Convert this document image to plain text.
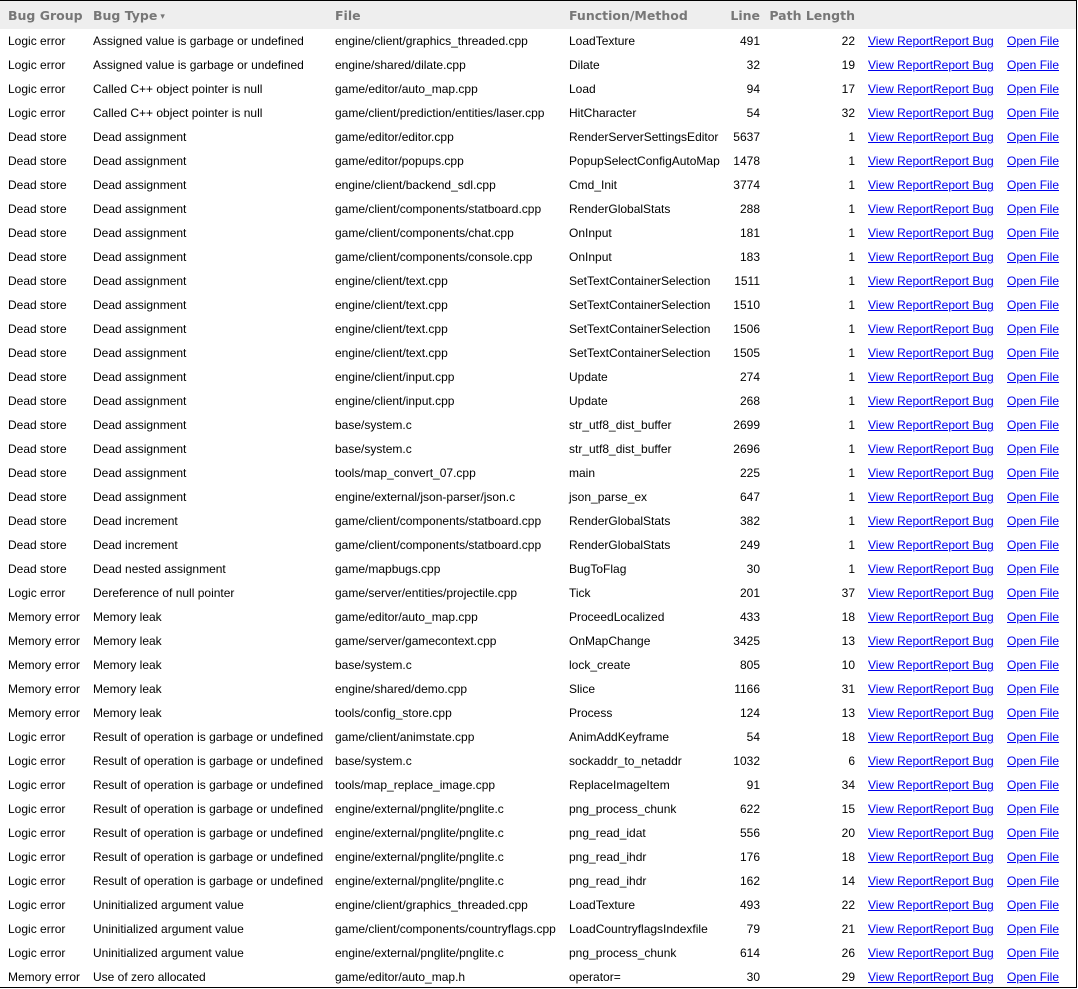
Bug Group	Bug Type ▾	File	Function/Method	Line	Path Length			
Logic error	Assigned value is garbage or undefined	engine/client/graphics_threaded.cpp	LoadTexture	491	22	View Report	Report Bug	Open File
Logic error	Assigned value is garbage or undefined	engine/shared/dilate.cpp	Dilate	32	19	View Report	Report Bug	Open File
Logic error	Called C++ object pointer is null	game/editor/auto_map.cpp	Load	94	17	View Report	Report Bug	Open File
Logic error	Called C++ object pointer is null	game/client/prediction/entities/laser.cpp	HitCharacter	54	32	View Report	Report Bug	Open File
Dead store	Dead assignment	game/editor/editor.cpp	RenderServerSettingsEditor	5637	1	View Report	Report Bug	Open File
Dead store	Dead assignment	game/editor/popups.cpp	PopupSelectConfigAutoMap	1478	1	View Report	Report Bug	Open File
Dead store	Dead assignment	engine/client/backend_sdl.cpp	Cmd_Init	3774	1	View Report	Report Bug	Open File
Dead store	Dead assignment	game/client/components/statboard.cpp	RenderGlobalStats	288	1	View Report	Report Bug	Open File
Dead store	Dead assignment	game/client/components/chat.cpp	OnInput	181	1	View Report	Report Bug	Open File
Dead store	Dead assignment	game/client/components/console.cpp	OnInput	183	1	View Report	Report Bug	Open File
Dead store	Dead assignment	engine/client/text.cpp	SetTextContainerSelection	1511	1	View Report	Report Bug	Open File
Dead store	Dead assignment	engine/client/text.cpp	SetTextContainerSelection	1510	1	View Report	Report Bug	Open File
Dead store	Dead assignment	engine/client/text.cpp	SetTextContainerSelection	1506	1	View Report	Report Bug	Open File
Dead store	Dead assignment	engine/client/text.cpp	SetTextContainerSelection	1505	1	View Report	Report Bug	Open File
Dead store	Dead assignment	engine/client/input.cpp	Update	274	1	View Report	Report Bug	Open File
Dead store	Dead assignment	engine/client/input.cpp	Update	268	1	View Report	Report Bug	Open File
Dead store	Dead assignment	base/system.c	str_utf8_dist_buffer	2699	1	View Report	Report Bug	Open File
Dead store	Dead assignment	base/system.c	str_utf8_dist_buffer	2696	1	View Report	Report Bug	Open File
Dead store	Dead assignment	tools/map_convert_07.cpp	main	225	1	View Report	Report Bug	Open File
Dead store	Dead assignment	engine/external/json-parser/json.c	json_parse_ex	647	1	View Report	Report Bug	Open File
Dead store	Dead increment	game/client/components/statboard.cpp	RenderGlobalStats	382	1	View Report	Report Bug	Open File
Dead store	Dead increment	game/client/components/statboard.cpp	RenderGlobalStats	249	1	View Report	Report Bug	Open File
Dead store	Dead nested assignment	game/mapbugs.cpp	BugToFlag	30	1	View Report	Report Bug	Open File
Logic error	Dereference of null pointer	game/server/entities/projectile.cpp	Tick	201	37	View Report	Report Bug	Open File
Memory error	Memory leak	game/editor/auto_map.cpp	ProceedLocalized	433	18	View Report	Report Bug	Open File
Memory error	Memory leak	game/server/gamecontext.cpp	OnMapChange	3425	13	View Report	Report Bug	Open File
Memory error	Memory leak	base/system.c	lock_create	805	10	View Report	Report Bug	Open File
Memory error	Memory leak	engine/shared/demo.cpp	Slice	1166	31	View Report	Report Bug	Open File
Memory error	Memory leak	tools/config_store.cpp	Process	124	13	View Report	Report Bug	Open File
Logic error	Result of operation is garbage or undefined	game/client/animstate.cpp	AnimAddKeyframe	54	18	View Report	Report Bug	Open File
Logic error	Result of operation is garbage or undefined	base/system.c	sockaddr_to_netaddr	1032	6	View Report	Report Bug	Open File
Logic error	Result of operation is garbage or undefined	tools/map_replace_image.cpp	ReplaceImageItem	91	34	View Report	Report Bug	Open File
Logic error	Result of operation is garbage or undefined	engine/external/pnglite/pnglite.c	png_process_chunk	622	15	View Report	Report Bug	Open File
Logic error	Result of operation is garbage or undefined	engine/external/pnglite/pnglite.c	png_read_idat	556	20	View Report	Report Bug	Open File
Logic error	Result of operation is garbage or undefined	engine/external/pnglite/pnglite.c	png_read_ihdr	176	18	View Report	Report Bug	Open File
Logic error	Result of operation is garbage or undefined	engine/external/pnglite/pnglite.c	png_read_ihdr	162	14	View Report	Report Bug	Open File
Logic error	Uninitialized argument value	engine/client/graphics_threaded.cpp	LoadTexture	493	22	View Report	Report Bug	Open File
Logic error	Uninitialized argument value	game/client/components/countryflags.cpp	LoadCountryflagsIndexfile	79	21	View Report	Report Bug	Open File
Logic error	Uninitialized argument value	engine/external/pnglite/pnglite.c	png_process_chunk	614	26	View Report	Report Bug	Open File
Memory error	Use of zero allocated	game/editor/auto_map.h	operator=	30	29	View Report	Report Bug	Open File
